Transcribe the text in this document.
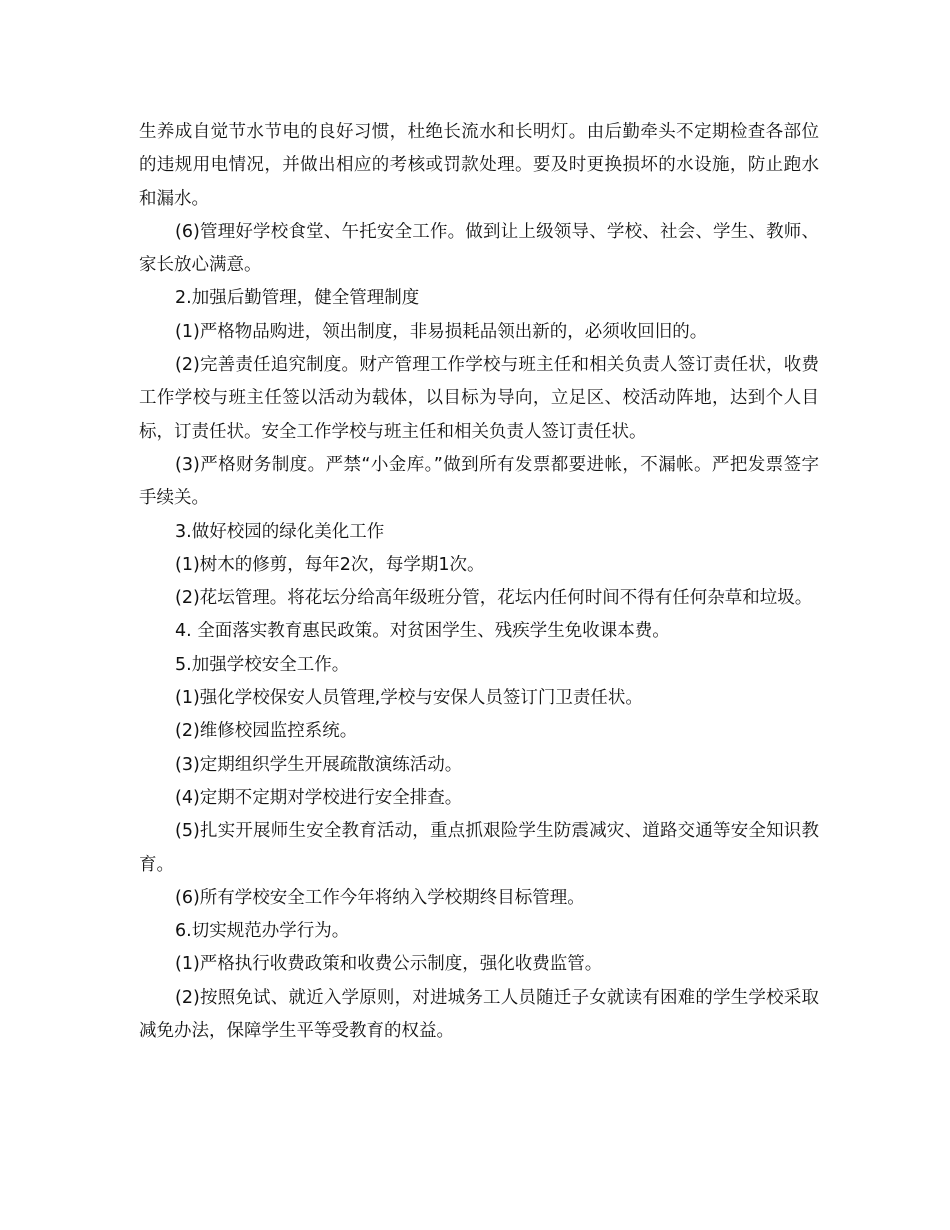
生养成自觉节水节电的良好习惯，杜绝长流水和长明灯。由后勤牵头不定期检查各部位的违规用电情况，并做出相应的考核或罚款处理。要及时更换损坏的水设施，防止跑水和漏水。

(6)管理好学校食堂、午托安全工作。做到让上级领导、学校、社会、学生、教师、家长放心满意。

2.加强后勤管理，健全管理制度

(1)严格物品购进，领出制度，非易损耗品领出新的，必须收回旧的。

(2)完善责任追究制度。财产管理工作学校与班主任和相关负责人签订责任状，收费工作学校与班主任签以活动为载体，以目标为导向，立足区、校活动阵地，达到个人目标，订责任状。安全工作学校与班主任和相关负责人签订责任状。

(3)严格财务制度。严禁“小金库。”做到所有发票都要进帐，不漏帐。严把发票签字手续关。

3.做好校园的绿化美化工作

(1)树木的修剪，每年2次，每学期1次。

(2)花坛管理。将花坛分给高年级班分管，花坛内任何时间不得有任何杂草和垃圾。

4. 全面落实教育惠民政策。对贫困学生、残疾学生免收课本费。

5.加强学校安全工作。

(1)强化学校保安人员管理,学校与安保人员签订门卫责任状。

(2)维修校园监控系统。

(3)定期组织学生开展疏散演练活动。

(4)定期不定期对学校进行安全排查。

(5)扎实开展师生安全教育活动，重点抓艰险学生防震减灾、道路交通等安全知识教育。

(6)所有学校安全工作今年将纳入学校期终目标管理。

6.切实规范办学行为。

(1)严格执行收费政策和收费公示制度，强化收费监管。

(2)按照免试、就近入学原则，对进城务工人员随迁子女就读有困难的学生学校采取减免办法，保障学生平等受教育的权益。
